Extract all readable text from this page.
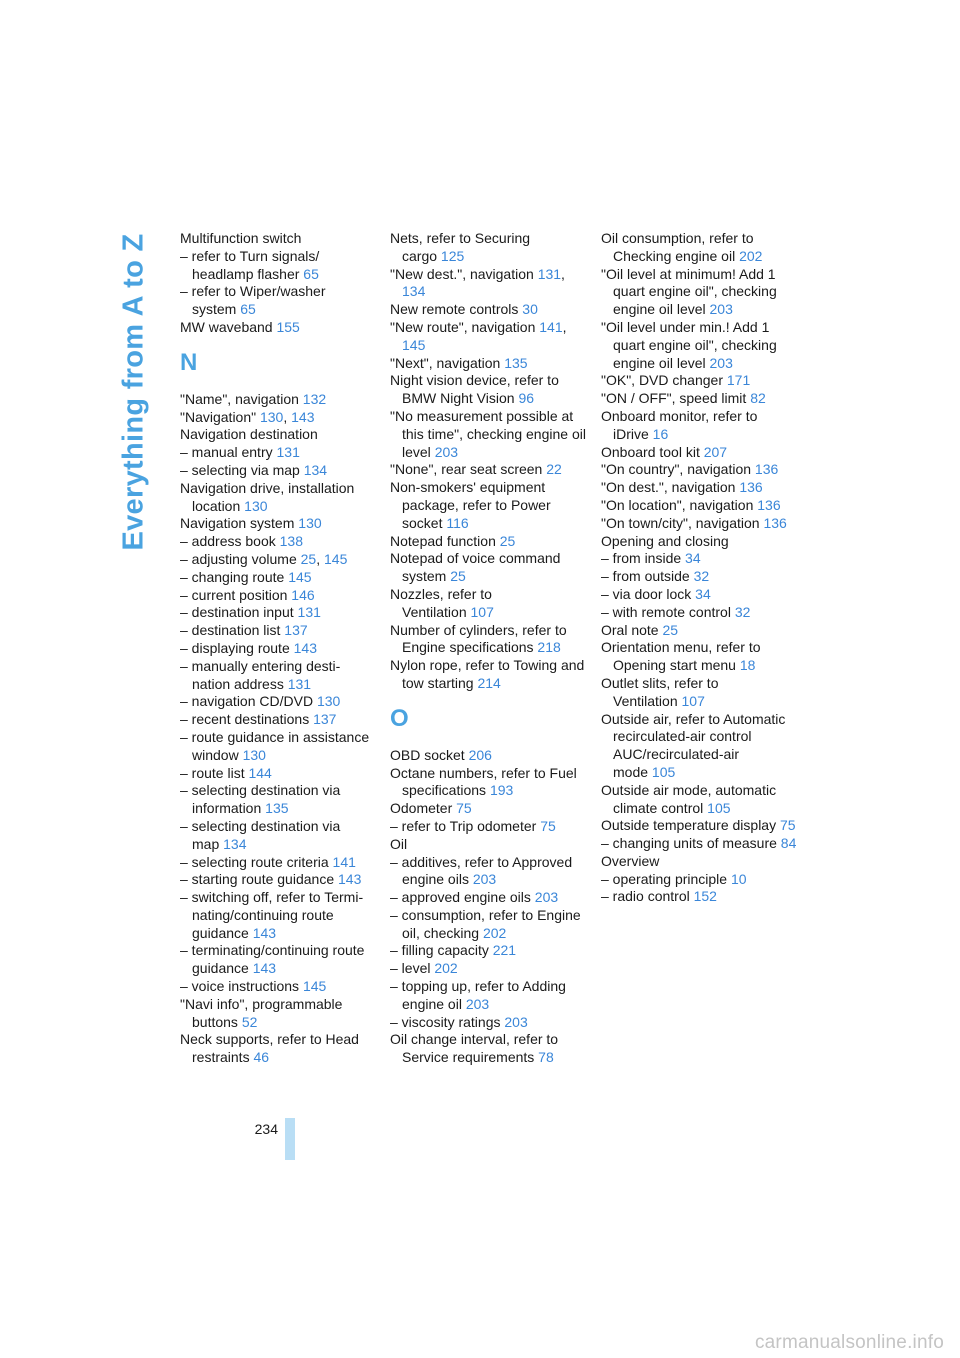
Everything from A to Z Multifunction switch
– refer to Turn signals/ headlamp flasher 65
– refer to Wiper/washer system 65
MW waveband 155
N
"Name", navigation 132
"Navigation" 130, 143
Navigation destination
– manual entry 131
– selecting via map 134
Navigation drive, installation location 130
Navigation system 130
– address book 138
– adjusting volume 25, 145
– changing route 145
– current position 146
– destination input 131
– destination list 137
– displaying route 143
– manually entering desti- nation address 131
– navigation CD/DVD 130
– recent destinations 137
– route guidance in assistance window 130
– route list 144
– selecting destination via information 135
– selecting destination via map 134
– selecting route criteria 141
– starting route guidance 143
– switching off, refer to Termi- nating/continuing route guidance 143
– terminating/continuing route guidance 143
– voice instructions 145
"Navi info", programmable buttons 52
Neck supports, refer to Head restraints 46
Nets, refer to Securing cargo 125
"New dest.", navigation 131, 134
New remote controls 30
"New route", navigation 141, 145
"Next", navigation 135
Night vision device, refer to BMW Night Vision 96
"No measurement possible at this time", checking engine oil level 203
"None", rear seat screen 22
Non-smokers' equipment package, refer to Power socket 116
Notepad function 25
Notepad of voice command system 25
Nozzles, refer to Ventilation 107
Number of cylinders, refer to Engine specifications 218
Nylon rope, refer to Towing and tow starting 214
O
OBD socket 206
Octane numbers, refer to Fuel specifications 193
Odometer 75
– refer to Trip odometer 75
Oil
– additives, refer to Approved engine oils 203
– approved engine oils 203
– consumption, refer to Engine oil, checking 202
– filling capacity 221
– level 202
– topping up, refer to Adding engine oil 203
– viscosity ratings 203
Oil change interval, refer to Service requirements 78
Oil consumption, refer to Checking engine oil 202
"Oil level at minimum! Add 1 quart engine oil", checking engine oil level 203
"Oil level under min.! Add 1 quart engine oil", checking engine oil level 203
"OK", DVD changer 171
"ON / OFF", speed limit 82
Onboard monitor, refer to iDrive 16
Onboard tool kit 207
"On country", navigation 136
"On dest.", navigation 136
"On location", navigation 136
"On town/city", navigation 136
Opening and closing
– from inside 34
– from outside 32
– via door lock 34
– with remote control 32
Oral note 25
Orientation menu, refer to Opening start menu 18
Outlet slits, refer to Ventilation 107
Outside air, refer to Automatic recirculated-air control AUC/recirculated-air mode 105
Outside air mode, automatic climate control 105
Outside temperature display 75
– changing units of measure 84
Overview
– operating principle 10
– radio control 152
234
carmanualsonline.info
